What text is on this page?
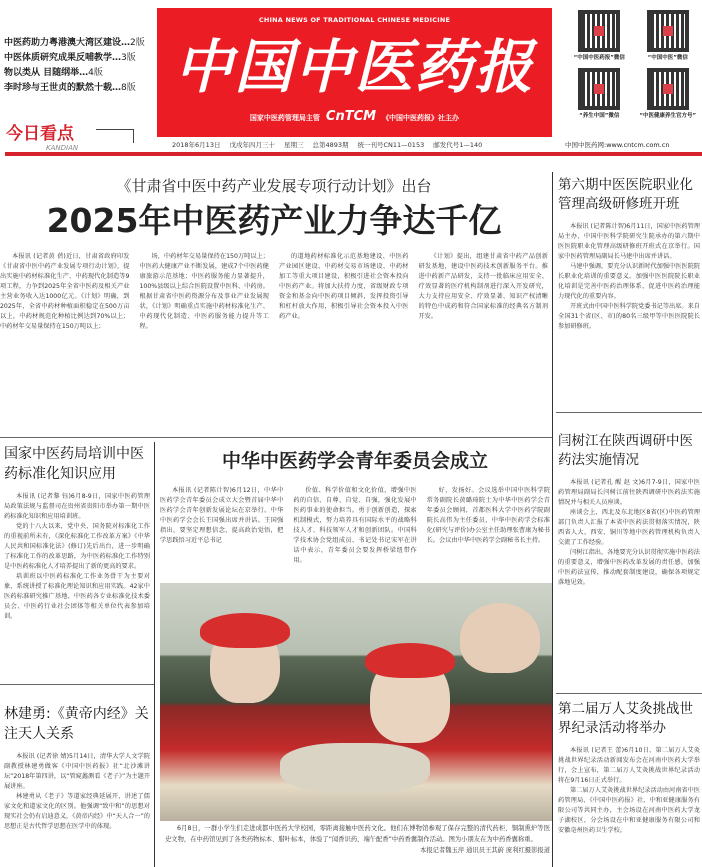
中医药助力粤港澳大湾区建设…2版
中医体质研究成果反哺教学…3版
物以类从 目随纲举…4版
李时珍与王世贞的默然十载…8版
今日看点
KANDIAN
CHINA NEWS OF TRADITIONAL CHINESE MEDICINE
中国中医药报
国家中医药管理局主管 CnTCM 《中国中医药报》社主办
2018年6月13日 戊戌年四月三十 星期三 总第4893期 统一刊号CN11—0153 邮发代号1—140
“中国中医药报”微信	“中国中医”微信
“养生中国”微信	“中医健康养生官方号”
中国中医药网:www.cntcm.com.cn
《甘肃省中医中药产业发展专项行动计划》出台
2025年中医药产业力争达千亿

本报讯 (记者黄 蓓)近日，甘肃省政府印发《甘肃省中医中药产业发展专项行动计划》，提出实施中药材标准化生产、中药现代化制造等9项工程，力争到2025年全省中医药及相关产业主营业务收入达1000亿元。《计划》明确，到2025年，全省中药材种植面积稳定在500万亩以上，中药材规范化种植比例达到70%以上；中药材年交易量保持在150万吨以上；

场，中药材年交易量保持在150万吨以上；中医药大健康产业不断发展，建成7个中医药健康旅游示范基地；中医药服务能力显著提升，100%县级以上综合医院设置中医科、中药房。根据甘肃省中医药资源分布及事业产业发展现状，《计划》明确重点实施中药材标准化生产、中药现代化制造、中医药服务能力提升等工程。

的道地药材标准化示范基地建设、中医药产业园区建设、中药材交易市场建设、中药材加工等重大项目建设，积极引进社会资本投向中医药产业。将加大扶持力度，省级财政专项资金和基金向中医药项目倾斜，发挥投资引导和杠杆放大作用，积极引导社会资本投入中医药产业。

《计划》提出，组建甘肃省中药产品创新研发基地，建设中医药技术创新服务平台。推进中药新产品研发，支持一批临床应用安全、疗效显著的医疗机构制剂进行深入开发研究，大力支持应用安全、疗效显著、知识产权清晰的特色中成药和符合国家标准的经典名方制剂开发。

第六期中医医院职业化管理高级研修班开班

本报讯 (记者陈计智)6月11日，国家中医药管理局主办、中国中医科学院研究生院承办的第六期中医医院职业化管理高级研修班开班式在京举行。国家中医药管理局副局长马建中出席并讲话。

马建中强调，要充分认识新时代加强中医医院院长职业化培训的重要意义。加强中医医院院长职业化培训是完善中医药治理体系、促进中医药治理能力现代化的重要内容。

开班式由中国中医科学院党委书记等出席。来自全国31个省(区、市)的80名三级甲等中医医院院长参加研修班。

闫树江在陕西调研中医药法实施情况

本报讯 (记者孔 醒 赵 文)6月7-9日，国家中医药管理局副局长闫树江前往陕西调研中医药法实施情况并与相关人员座谈。

座谈会上，西北及东北地区8省(区)中医药管理部门负责人汇报了本省中医药法贯彻落实情况，陕西省人大、西安、铜川等地中医药管理机构负责人交流了工作经验。

闫树江指出，各地要充分认识贯彻实施中医药法的重要意义，增强中医药改革发展的责任感，加强中医药法宣传，推动配套制度建设，确保各项规定落地见效。

第二届万人艾灸挑战世界纪录活动将举办

本报讯 (记者王 蕾)6月10日，第二届万人艾灸挑战世界纪录活动新闻发布会在河南中医药大学举行，会上宣布，第二届万人艾灸挑战世界纪录活动将在9月16日正式举行。

第二届万人艾灸挑战世界纪录活动由河南省中医药管理局、《中国中医药报》社、中和亚健康服务有限公司等共同主办，主会场设在河南中医药大学龙子湖校区，分会场设在中和亚健康服务有限公司和安徽亳州医药卫生学校。

国家中医药局培训中医药标准化知识应用

本报讯 (记者黎 钰)6月8-9日，国家中医药管理局政策法规与监督司在贵州省贵阳市举办第一期中医药标准化知识和应用培训班。

党的十八大以来，党中央、国务院对标准化工作的重视前所未有，《深化标准化工作改革方案》《中华人民共和国标准化法》(修订)先后出台，进一步明确了标准化工作的改革思路，为中医药标准化工作特别是中医药标准化人才培养提出了新的更高的要求。

培训班以中医药标准化工作业务骨干为主要对象，系统讲授了标准化理论知识和应用实践。42家中医药标准研究推广基地、中医药各专业标准化技术委员会、中医药行业社会团体等相关单位代表参加培训。

林建勇:《黄帝内经》关注天人关系

本报讯 (记者徐 婧)5月14日，清华大学人文学院副教授林建勇做客《中国中医药报》社“北沙滩讲坛”2018年第四讲，以“管窥蠡测看《老子》”为主题开展讲座。

林建勇从《老子》等道家经典延展开，讲述了儒家文化和道家文化的区别。他强调“致中和”的思想对现实社会仍有启迪意义，《黄帝内经》中“天人合一”的思想正是古代哲学思想在医学中的体现。

中华中医药学会青年委员会成立

本报讯 (记者陈计智)6月12日，中华中医药学会青年委员会成立大会暨首届中华中医药学会青年创新发展论坛在京举行。中华中医药学会会长王国强出席并讲话。王国强指出，要坚定理想信念，提高政治觉悟，把学思践悟习近平总书记

价值、科学价值和文化价值，增强中医药的自信、自尊、自觉、自强，强化发展中医药事业的使命担当。勇于创新创造，探索机制模式，努力培养具有国际水平的战略科技人才、科技领军人才和创新团队。中国科学技术协会党组成员、书记处书记宋军在讲话中表示，青年委员会要发挥桥梁纽带作用。

好，发扬好。会议选举中国中医科学院常务副院长黄璐琦院士为中华中医药学会青年委员会顾问，首都医科大学中医药学院副院长高伟为主任委员，中华中医药学会标准化(研究与评价)办公室主任助理张曹康为秘书长。会议由中华中医药学会副秘书长主持。

6月8日，一群小学生们走进成都中医药大学校园，零距离接触中医药文化。他们在博物馆参观了保存完整的清代药柜、铜制熏炉等医史文物，在中药馆见到了各类药物标本、腊叶标本，体验了“闻香识药，端午配香”中药香囊制作活动。图为小朋友在为中药香囊称重。

本报记者魏玉萍 通讯员王其蔚 庞利红摄影报道
